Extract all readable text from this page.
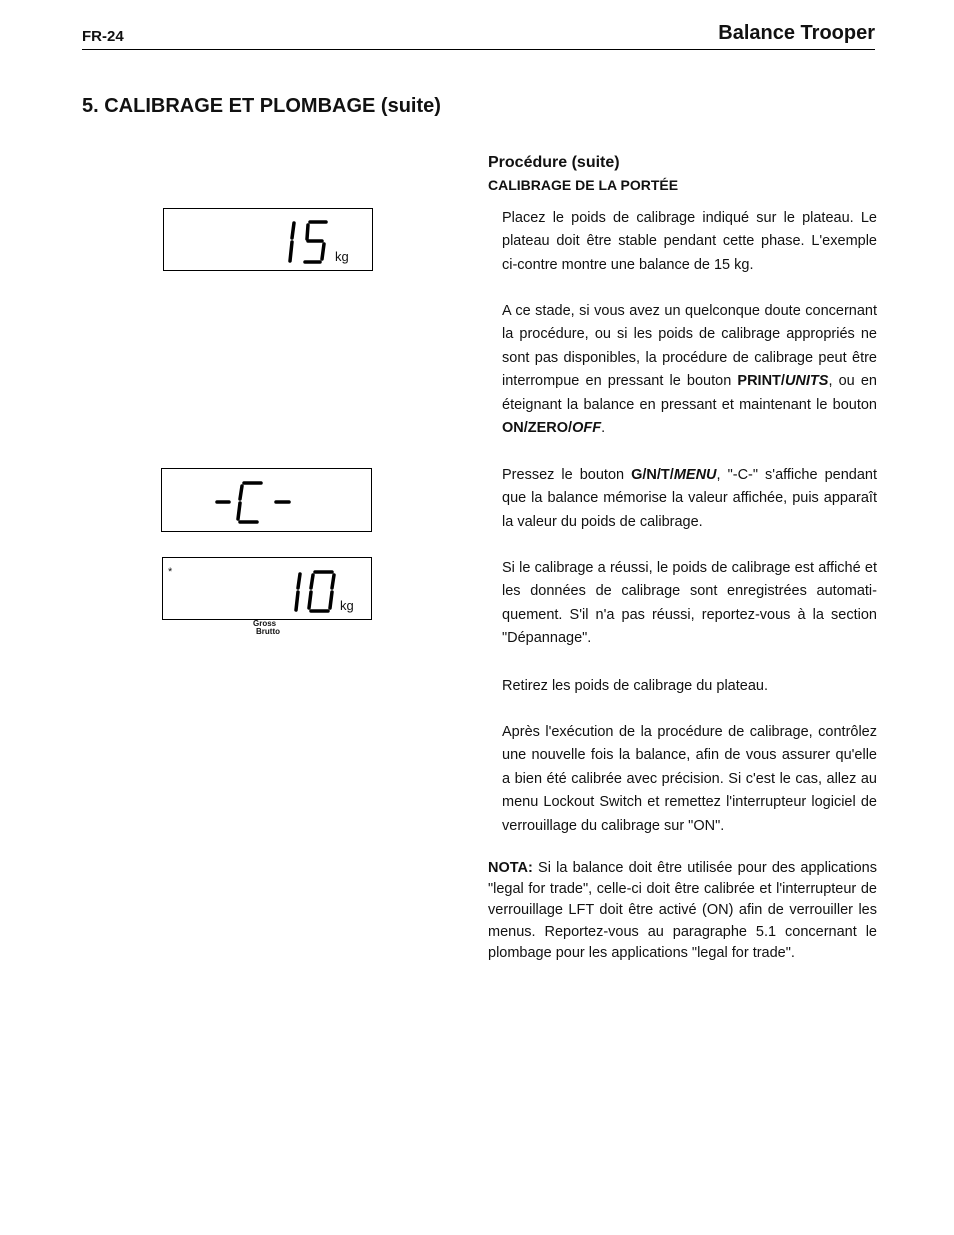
FR-24	Balance Trooper
5. CALIBRAGE ET PLOMBAGE (suite)
kg
*
kg
Gross
Brutto
Procédure (suite)
CALIBRAGE DE LA PORTÉE

Placez le poids de calibrage indiqué sur le plateau. Le plateau doit être stable pendant cette phase. L'exemple ci-contre montre une balance de 15 kg.

A ce stade, si vous avez un quelconque doute concernant la procédure, ou si les poids de calibrage appropriés ne sont pas disponibles, la procédure de calibrage peut être interrompue en pressant le bouton PRINT/UNITS, ou en éteignant la balance en pressant et maintenant le bouton ON/ZERO/OFF.

Pressez le bouton G/N/T/MENU, "-C-" s'affiche pendant que la balance mémorise la valeur affichée, puis apparaît la valeur du poids de calibrage.

Si le calibrage a réussi, le poids de calibrage est affiché et les données de calibrage sont enregistrées automati-quement. S'il n'a pas réussi, reportez-vous à la section "Dépannage".

Retirez les poids de calibrage du plateau.

Après l'exécution de la procédure de calibrage, contrôlez une nouvelle fois la balance, afin de vous assurer qu'elle a bien été calibrée avec précision. Si c'est le cas, allez au menu Lockout Switch et remettez l'interrupteur logiciel de verrouillage du calibrage sur "ON".

NOTA: Si la balance doit être utilisée pour des applications "legal for trade", celle-ci doit être calibrée et l'interrupteur de verrouillage LFT doit être activé (ON) afin de verrouiller les menus. Reportez-vous au paragraphe 5.1 concernant le plombage pour les applications "legal for trade".
